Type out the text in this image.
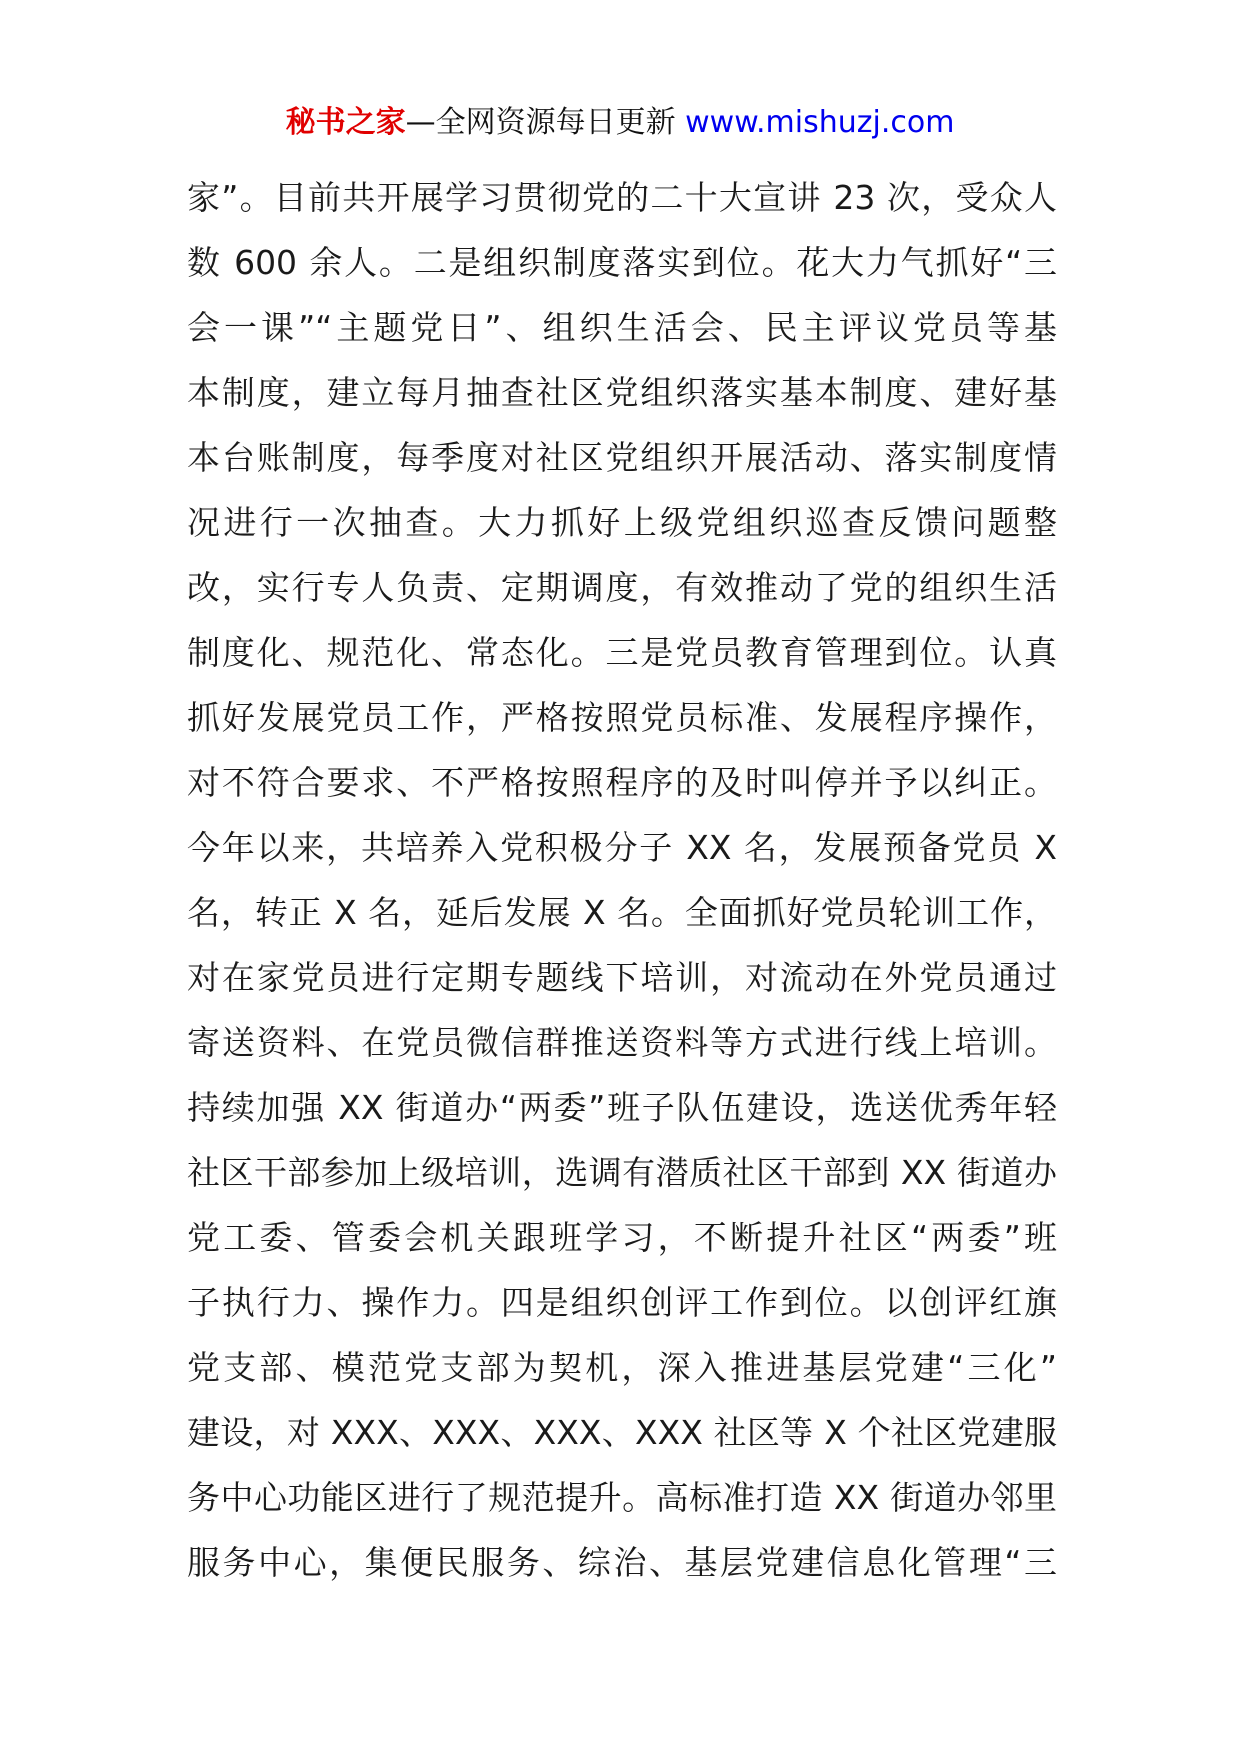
秘书之家—全网资源每日更新 www.mishuzj.com
家”。目前共开展学习贯彻党的二十大宣讲 23 次，受众人
数 600 余人。二是组织制度落实到位。花大力气抓好“三
会一课”“主题党日”、组织生活会、民主评议党员等基
本制度，建立每月抽查社区党组织落实基本制度、建好基
本台账制度，每季度对社区党组织开展活动、落实制度情
况进行一次抽查。大力抓好上级党组织巡查反馈问题整
改，实行专人负责、定期调度，有效推动了党的组织生活
制度化、规范化、常态化。三是党员教育管理到位。认真
抓好发展党员工作，严格按照党员标准、发展程序操作，
对不符合要求、不严格按照程序的及时叫停并予以纠正。
今年以来，共培养入党积极分子 XX 名，发展预备党员 X
名，转正 X 名，延后发展 X 名。全面抓好党员轮训工作，
对在家党员进行定期专题线下培训，对流动在外党员通过
寄送资料、在党员微信群推送资料等方式进行线上培训。
持续加强 XX 街道办“两委”班子队伍建设，选送优秀年轻
社区干部参加上级培训，选调有潜质社区干部到 XX 街道办
党工委、管委会机关跟班学习，不断提升社区“两委”班
子执行力、操作力。四是组织创评工作到位。以创评红旗
党支部、模范党支部为契机，深入推进基层党建“三化”
建设，对 XXX、XXX、XXX、XXX 社区等 X 个社区党建服
务中心功能区进行了规范提升。高标准打造 XX 街道办邻里
服务中心，集便民服务、综治、基层党建信息化管理“三
